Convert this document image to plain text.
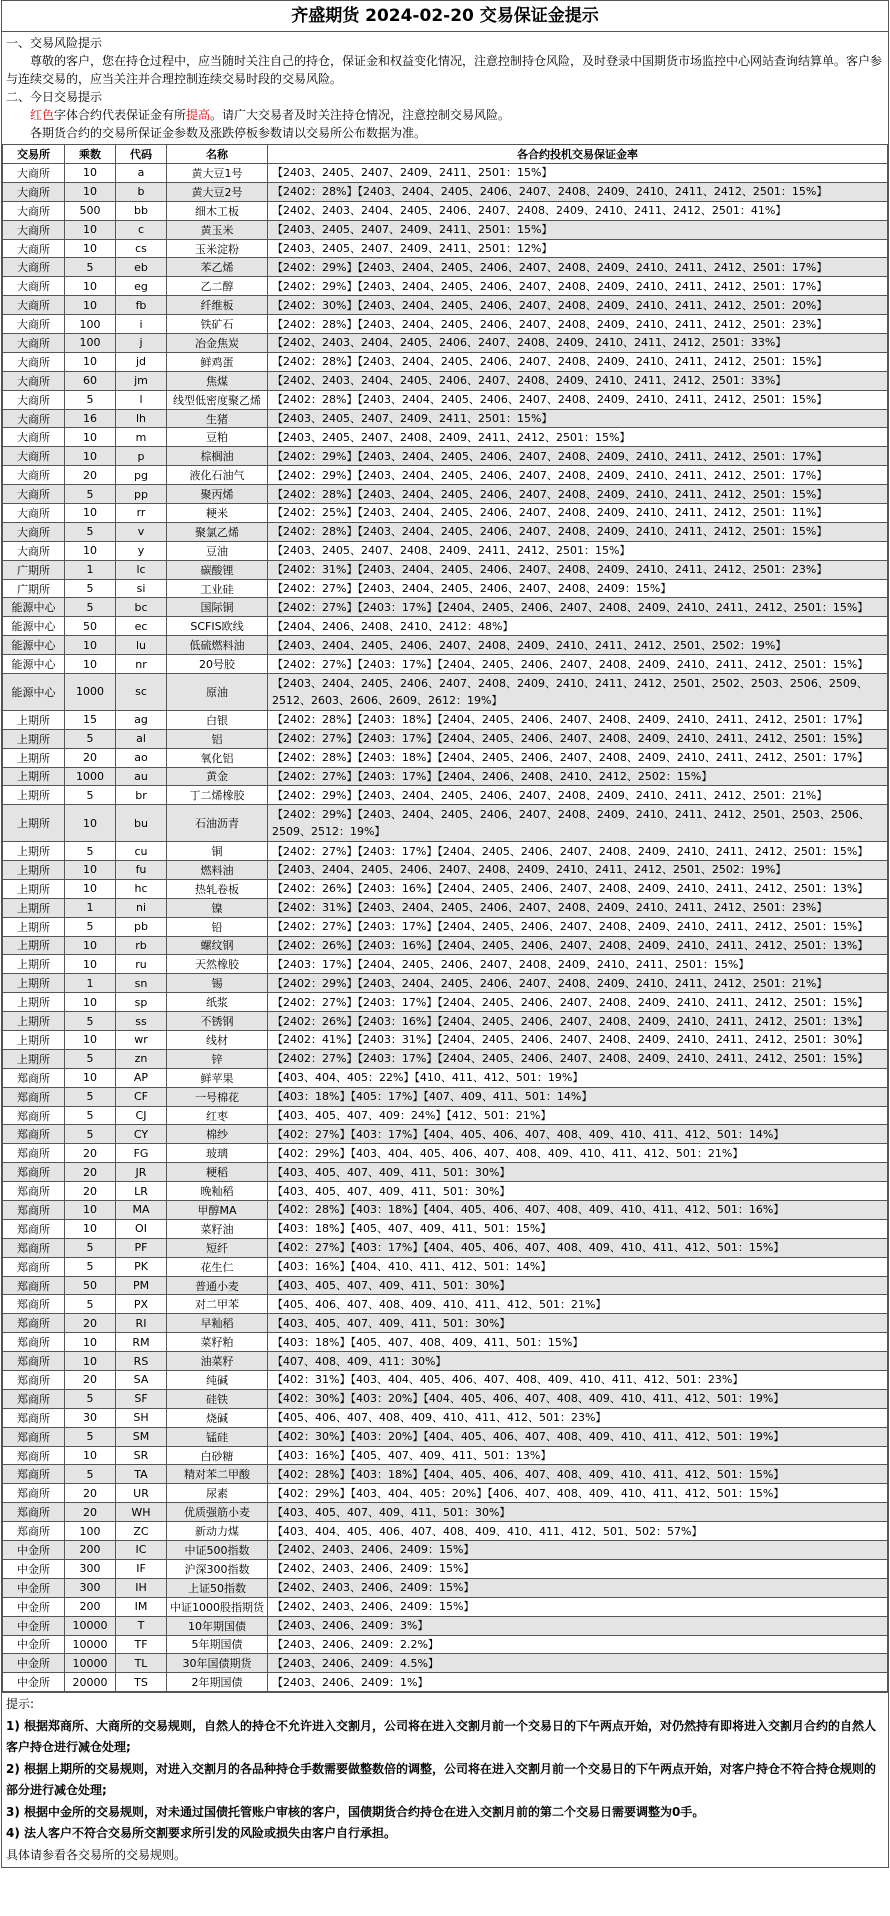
齐盛期货 2024-02-20 交易保证金提示

一、交易风险提示

尊敬的客户，您在持仓过程中，应当随时关注自己的持仓，保证金和权益变化情况，注意控制持仓风险，及时登录中国期货市场监控中心网站查询结算单。客户参与连续交易的，应当关注并合理控制连续交易时段的交易风险。

二、今日交易提示

红色字体合约代表保证金有所提高。请广大交易者及时关注持仓情况，注意控制交易风险。

各期货合约的交易所保证金参数及涨跌停板参数请以交易所公布数据为准。

交易所	乘数	代码	名称	各合约投机交易保证金率
大商所	10	a	黄大豆1号	【2403、2405、2407、2409、2411、2501：15%】
大商所	10	b	黄大豆2号	【2402：28%】【2403、2404、2405、2406、2407、2408、2409、2410、2411、2412、2501：15%】
大商所	500	bb	细木工板	【2402、2403、2404、2405、2406、2407、2408、2409、2410、2411、2412、2501：41%】
大商所	10	c	黄玉米	【2403、2405、2407、2409、2411、2501：15%】
大商所	10	cs	玉米淀粉	【2403、2405、2407、2409、2411、2501：12%】
大商所	5	eb	苯乙烯	【2402：29%】【2403、2404、2405、2406、2407、2408、2409、2410、2411、2412、2501：17%】
大商所	10	eg	乙二醇	【2402：29%】【2403、2404、2405、2406、2407、2408、2409、2410、2411、2412、2501：17%】
大商所	10	fb	纤维板	【2402：30%】【2403、2404、2405、2406、2407、2408、2409、2410、2411、2412、2501：20%】
大商所	100	i	铁矿石	【2402：28%】【2403、2404、2405、2406、2407、2408、2409、2410、2411、2412、2501：23%】
大商所	100	j	冶金焦炭	【2402、2403、2404、2405、2406、2407、2408、2409、2410、2411、2412、2501：33%】
大商所	10	jd	鲜鸡蛋	【2402：28%】【2403、2404、2405、2406、2407、2408、2409、2410、2411、2412、2501：15%】
大商所	60	jm	焦煤	【2402、2403、2404、2405、2406、2407、2408、2409、2410、2411、2412、2501：33%】
大商所	5	l	线型低密度聚乙烯	【2402：28%】【2403、2404、2405、2406、2407、2408、2409、2410、2411、2412、2501：15%】
大商所	16	lh	生猪	【2403、2405、2407、2409、2411、2501：15%】
大商所	10	m	豆粕	【2403、2405、2407、2408、2409、2411、2412、2501：15%】
大商所	10	p	棕榈油	【2402：29%】【2403、2404、2405、2406、2407、2408、2409、2410、2411、2412、2501：17%】
大商所	20	pg	液化石油气	【2402：29%】【2403、2404、2405、2406、2407、2408、2409、2410、2411、2412、2501：17%】
大商所	5	pp	聚丙烯	【2402：28%】【2403、2404、2405、2406、2407、2408、2409、2410、2411、2412、2501：15%】
大商所	10	rr	粳米	【2402：25%】【2403、2404、2405、2406、2407、2408、2409、2410、2411、2412、2501：11%】
大商所	5	v	聚氯乙烯	【2402：28%】【2403、2404、2405、2406、2407、2408、2409、2410、2411、2412、2501：15%】
大商所	10	y	豆油	【2403、2405、2407、2408、2409、2411、2412、2501：15%】
广期所	1	lc	碳酸锂	【2402：31%】【2403、2404、2405、2406、2407、2408、2409、2410、2411、2412、2501：23%】
广期所	5	si	工业硅	【2402：27%】【2403、2404、2405、2406、2407、2408、2409：15%】
能源中心	5	bc	国际铜	【2402：27%】【2403：17%】【2404、2405、2406、2407、2408、2409、2410、2411、2412、2501：15%】
能源中心	50	ec	SCFIS欧线	【2404、2406、2408、2410、2412：48%】
能源中心	10	lu	低硫燃料油	【2403、2404、2405、2406、2407、2408、2409、2410、2411、2412、2501、2502：19%】
能源中心	10	nr	20号胶	【2402：27%】【2403：17%】【2404、2405、2406、2407、2408、2409、2410、2411、2412、2501：15%】
能源中心	1000	sc	原油	【2403、2404、2405、2406、2407、2408、2409、2410、2411、2412、2501、2502、2503、2506、2509、2512、2603、2606、2609、2612：19%】
上期所	15	ag	白银	【2402：28%】【2403：18%】【2404、2405、2406、2407、2408、2409、2410、2411、2412、2501：17%】
上期所	5	al	铝	【2402：27%】【2403：17%】【2404、2405、2406、2407、2408、2409、2410、2411、2412、2501：15%】
上期所	20	ao	氧化铝	【2402：28%】【2403：18%】【2404、2405、2406、2407、2408、2409、2410、2411、2412、2501：17%】
上期所	1000	au	黄金	【2402：27%】【2403：17%】【2404、2406、2408、2410、2412、2502：15%】
上期所	5	br	丁二烯橡胶	【2402：29%】【2403、2404、2405、2406、2407、2408、2409、2410、2411、2412、2501：21%】
上期所	10	bu	石油沥青	【2402：29%】【2403、2404、2405、2406、2407、2408、2409、2410、2411、2412、2501、2503、2506、2509、2512：19%】
上期所	5	cu	铜	【2402：27%】【2403：17%】【2404、2405、2406、2407、2408、2409、2410、2411、2412、2501：15%】
上期所	10	fu	燃料油	【2403、2404、2405、2406、2407、2408、2409、2410、2411、2412、2501、2502：19%】
上期所	10	hc	热轧卷板	【2402：26%】【2403：16%】【2404、2405、2406、2407、2408、2409、2410、2411、2412、2501：13%】
上期所	1	ni	镍	【2402：31%】【2403、2404、2405、2406、2407、2408、2409、2410、2411、2412、2501：23%】
上期所	5	pb	铅	【2402：27%】【2403：17%】【2404、2405、2406、2407、2408、2409、2410、2411、2412、2501：15%】
上期所	10	rb	螺纹钢	【2402：26%】【2403：16%】【2404、2405、2406、2407、2408、2409、2410、2411、2412、2501：13%】
上期所	10	ru	天然橡胶	【2403：17%】【2404、2405、2406、2407、2408、2409、2410、2411、2501：15%】
上期所	1	sn	锡	【2402：29%】【2403、2404、2405、2406、2407、2408、2409、2410、2411、2412、2501：21%】
上期所	10	sp	纸浆	【2402：27%】【2403：17%】【2404、2405、2406、2407、2408、2409、2410、2411、2412、2501：15%】
上期所	5	ss	不锈钢	【2402：26%】【2403：16%】【2404、2405、2406、2407、2408、2409、2410、2411、2412、2501：13%】
上期所	10	wr	线材	【2402：41%】【2403：31%】【2404、2405、2406、2407、2408、2409、2410、2411、2412、2501：30%】
上期所	5	zn	锌	【2402：27%】【2403：17%】【2404、2405、2406、2407、2408、2409、2410、2411、2412、2501：15%】
郑商所	10	AP	鲜苹果	【403、404、405：22%】【410、411、412、501：19%】
郑商所	5	CF	一号棉花	【403：18%】【405：17%】【407、409、411、501：14%】
郑商所	5	CJ	红枣	【403、405、407、409：24%】【412、501：21%】
郑商所	5	CY	棉纱	【402：27%】【403：17%】【404、405、406、407、408、409、410、411、412、501：14%】
郑商所	20	FG	玻璃	【402：29%】【403、404、405、406、407、408、409、410、411、412、501：21%】
郑商所	20	JR	粳稻	【403、405、407、409、411、501：30%】
郑商所	20	LR	晚籼稻	【403、405、407、409、411、501：30%】
郑商所	10	MA	甲醇MA	【402：28%】【403：18%】【404、405、406、407、408、409、410、411、412、501：16%】
郑商所	10	OI	菜籽油	【403：18%】【405、407、409、411、501：15%】
郑商所	5	PF	短纤	【402：27%】【403：17%】【404、405、406、407、408、409、410、411、412、501：15%】
郑商所	5	PK	花生仁	【403：16%】【404、410、411、412、501：14%】
郑商所	50	PM	普通小麦	【403、405、407、409、411、501：30%】
郑商所	5	PX	对二甲苯	【405、406、407、408、409、410、411、412、501：21%】
郑商所	20	RI	早籼稻	【403、405、407、409、411、501：30%】
郑商所	10	RM	菜籽粕	【403：18%】【405、407、408、409、411、501：15%】
郑商所	10	RS	油菜籽	【407、408、409、411：30%】
郑商所	20	SA	纯碱	【402：31%】【403、404、405、406、407、408、409、410、411、412、501：23%】
郑商所	5	SF	硅铁	【402：30%】【403：20%】【404、405、406、407、408、409、410、411、412、501：19%】
郑商所	30	SH	烧碱	【405、406、407、408、409、410、411、412、501：23%】
郑商所	5	SM	锰硅	【402：30%】【403：20%】【404、405、406、407、408、409、410、411、412、501：19%】
郑商所	10	SR	白砂糖	【403：16%】【405、407、409、411、501：13%】
郑商所	5	TA	精对苯二甲酸	【402：28%】【403：18%】【404、405、406、407、408、409、410、411、412、501：15%】
郑商所	20	UR	尿素	【402：29%】【403、404、405：20%】【406、407、408、409、410、411、412、501：15%】
郑商所	20	WH	优质强筋小麦	【403、405、407、409、411、501：30%】
郑商所	100	ZC	新动力煤	【403、404、405、406、407、408、409、410、411、412、501、502：57%】
中金所	200	IC	中证500指数	【2402、2403、2406、2409：15%】
中金所	300	IF	沪深300指数	【2402、2403、2406、2409：15%】
中金所	300	IH	上证50指数	【2402、2403、2406、2409：15%】
中金所	200	IM	中证1000股指期货	【2402、2403、2406、2409：15%】
中金所	10000	T	10年期国债	【2403、2406、2409：3%】
中金所	10000	TF	5年期国债	【2403、2406、2409：2.2%】
中金所	10000	TL	30年国债期货	【2403、2406、2409：4.5%】
中金所	20000	TS	2年期国债	【2403、2406、2409：1%】

提示:

1) 根据郑商所、大商所的交易规则，自然人的持仓不允许进入交割月，公司将在进入交割月前一个交易日的下午两点开始，对仍然持有即将进入交割月合约的自然人客户持仓进行减仓处理;

2) 根据上期所的交易规则，对进入交割月的各品种持仓手数需要做整数倍的调整，公司将在进入交割月前一个交易日的下午两点开始，对客户持仓不符合持仓规则的部分进行减仓处理;

3) 根据中金所的交易规则，对未通过国债托管账户审核的客户，国债期货合约持仓在进入交割月前的第二个交易日需要调整为0手。

4) 法人客户不符合交易所交割要求所引发的风险或损失由客户自行承担。

具体请参看各交易所的交易规则。
